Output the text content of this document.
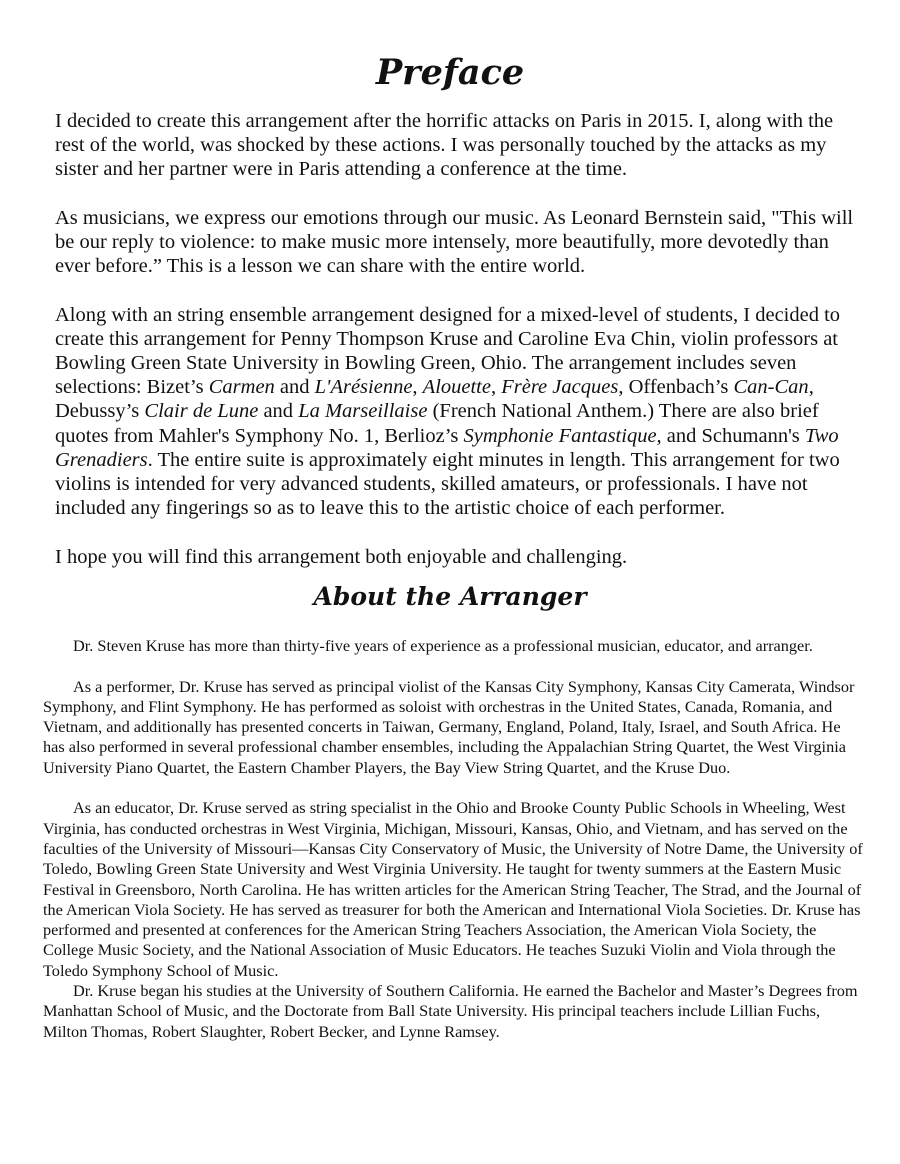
Preface

I decided to create this arrangement after the horrific attacks on Paris in 2015. I, along with the rest of the world, was shocked by these actions. I was personally touched by the attacks as my sister and her partner were in Paris attending a conference at the time.

As musicians, we express our emotions through our music. As Leonard Bernstein said, "This will be our reply to violence: to make music more intensely, more beautifully, more devotedly than ever before.” This is a lesson we can share with the entire world.

Along with an string ensemble arrangement designed for a mixed-level of students, I decided to create this arrangement for Penny Thompson Kruse and Caroline Eva Chin, violin professors at Bowling Green State University in Bowling Green, Ohio. The arrangement includes seven selections: Bizet’s Carmen and L'Arésienne, Alouette, Frère Jacques, Offenbach’s Can-Can, Debussy’s Clair de Lune and La Marseillaise (French National Anthem.) There are also brief quotes from Mahler's Symphony No. 1, Berlioz’s Symphonie Fantastique, and Schumann's Two Grenadiers. The entire suite is approximately eight minutes in length. This arrangement for two violins is intended for very advanced students, skilled amateurs, or professionals. I have not included any fingerings so as to leave this to the artistic choice of each performer.

I hope you will find this arrangement both enjoyable and challenging.

About the Arranger

Dr. Steven Kruse has more than thirty-five years of experience as a professional musician, educator, and arranger.

As a performer, Dr. Kruse has served as principal violist of the Kansas City Symphony, Kansas City Camerata, Windsor Symphony, and Flint Symphony. He has performed as soloist with orchestras in the United States, Canada, Romania, and Vietnam, and additionally has presented concerts in Taiwan, Germany, England, Poland, Italy, Israel, and South Africa. He has also performed in several professional chamber ensembles, including the Appalachian String Quartet, the West Virginia University Piano Quartet, the Eastern Chamber Players, the Bay View String Quartet, and the Kruse Duo.

As an educator, Dr. Kruse served as string specialist in the Ohio and Brooke County Public Schools in Wheeling, West Virginia, has conducted orchestras in West Virginia, Michigan, Missouri, Kansas, Ohio, and Vietnam, and has served on the faculties of the University of Missouri—Kansas City Conservatory of Music, the University of Notre Dame, the University of Toledo, Bowling Green State University and West Virginia University. He taught for twenty summers at the Eastern Music Festival in Greensboro, North Carolina. He has written articles for the American String Teacher, The Strad, and the Journal of the American Viola Society. He has served as treasurer for both the American and International Viola Societies. Dr. Kruse has performed and presented at conferences for the American String Teachers Association, the American Viola Society, the College Music Society, and the National Association of Music Educators. He teaches Suzuki Violin and Viola through the Toledo Symphony School of Music.

Dr. Kruse began his studies at the University of Southern California. He earned the Bachelor and Master’s Degrees from Manhattan School of Music, and the Doctorate from Ball State University. His principal teachers include Lillian Fuchs, Milton Thomas, Robert Slaughter, Robert Becker, and Lynne Ramsey.
